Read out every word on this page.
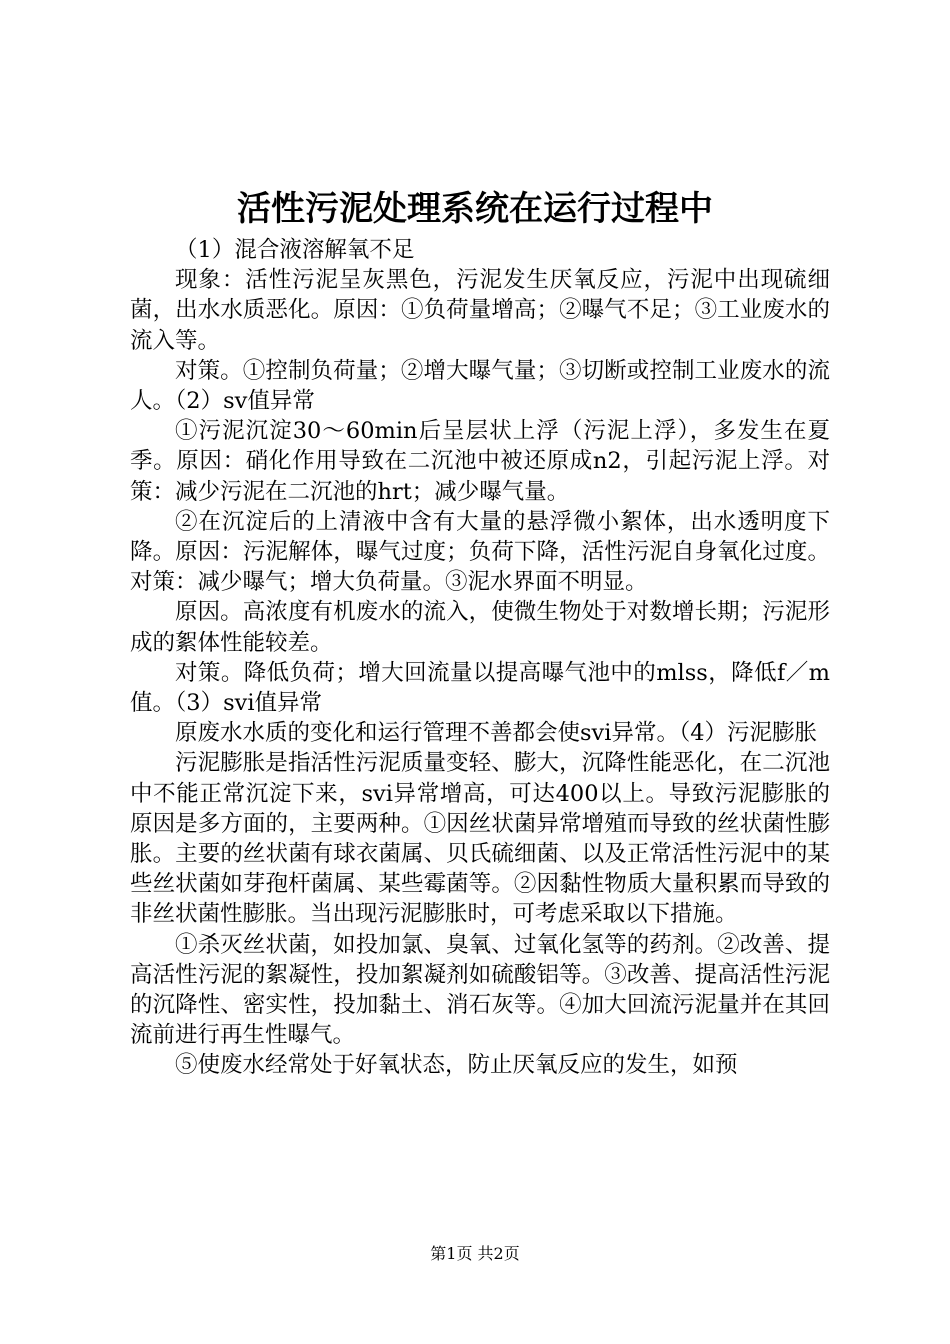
活性污泥处理系统在运行过程中

（1）混合液溶解氧不足

现象：活性污泥呈灰黑色，污泥发生厌氧反应，污泥中出现硫细菌，出水水质恶化。原因：①负荷量增高；②曝气不足；③工业废水的流入等。

对策。①控制负荷量；②增大曝气量；③切断或控制工业废水的流人。（2）sv值异常

①污泥沉淀30～60min后呈层状上浮（污泥上浮），多发生在夏季。原因：硝化作用导致在二沉池中被还原成n2，引起污泥上浮。对策：减少污泥在二沉池的hrt；减少曝气量。

②在沉淀后的上清液中含有大量的悬浮微小絮体，出水透明度下降。原因：污泥解体，曝气过度；负荷下降，活性污泥自身氧化过度。对策：减少曝气；增大负荷量。③泥水界面不明显。

原因。高浓度有机废水的流入，使微生物处于对数增长期；污泥形成的絮体性能较差。

对策。降低负荷；增大回流量以提高曝气池中的mlss，降低f／m值。（3）svi值异常

原废水水质的变化和运行管理不善都会使svi异常。（4）污泥膨胀

污泥膨胀是指活性污泥质量变轻、膨大，沉降性能恶化，在二沉池中不能正常沉淀下来，svi异常增高，可达400以上。导致污泥膨胀的原因是多方面的，主要两种。①因丝状菌异常增殖而导致的丝状菌性膨胀。主要的丝状菌有球衣菌属、贝氏硫细菌、以及正常活性污泥中的某些丝状菌如芽孢杆菌属、某些霉菌等。②因黏性物质大量积累而导致的非丝状菌性膨胀。当出现污泥膨胀时，可考虑采取以下措施。

①杀灭丝状菌，如投加氯、臭氧、过氧化氢等的药剂。②改善、提高活性污泥的絮凝性，投加絮凝剂如硫酸铝等。③改善、提高活性污泥的沉降性、密实性，投加黏土、消石灰等。④加大回流污泥量并在其回流前进行再生性曝气。

⑤使废水经常处于好氧状态，防止厌氧反应的发生，如预

第1页 共2页
